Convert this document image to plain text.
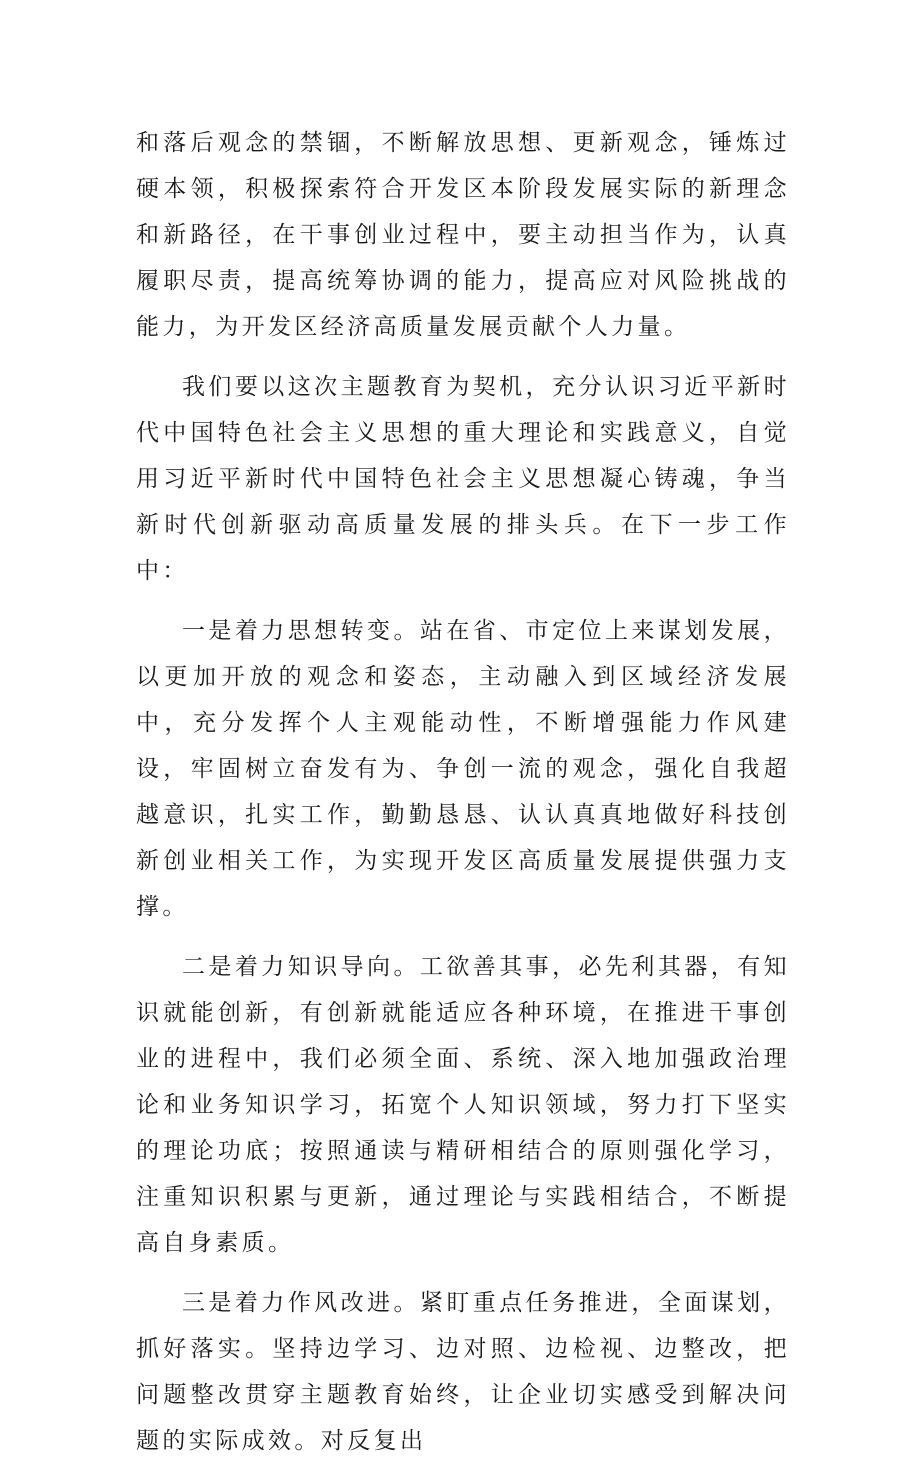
和落后观念的禁锢，不断解放思想、更新观念，锤炼过硬本领，积极探索符合开发区本阶段发展实际的新理念和新路径，在干事创业过程中，要主动担当作为，认真履职尽责，提高统筹协调的能力，提高应对风险挑战的能力，为开发区经济高质量发展贡献个人力量。

我们要以这次主题教育为契机，充分认识习近平新时代中国特色社会主义思想的重大理论和实践意义，自觉用习近平新时代中国特色社会主义思想凝心铸魂，争当新时代创新驱动高质量发展的排头兵。在下一步工作中：

一是着力思想转变。站在省、市定位上来谋划发展，以更加开放的观念和姿态，主动融入到区域经济发展中，充分发挥个人主观能动性，不断增强能力作风建设，牢固树立奋发有为、争创一流的观念，强化自我超越意识，扎实工作，勤勤恳恳、认认真真地做好科技创新创业相关工作，为实现开发区高质量发展提供强力支撑。

二是着力知识导向。工欲善其事，必先利其器，有知识就能创新，有创新就能适应各种环境，在推进干事创业的进程中，我们必须全面、系统、深入地加强政治理论和业务知识学习，拓宽个人知识领域，努力打下坚实的理论功底；按照通读与精研相结合的原则强化学习，注重知识积累与更新，通过理论与实践相结合，不断提高自身素质。

三是着力作风改进。紧盯重点任务推进，全面谋划，抓好落实。坚持边学习、边对照、边检视、边整改，把问题整改贯穿主题教育始终，让企业切实感受到解决问题的实际成效。对反复出
